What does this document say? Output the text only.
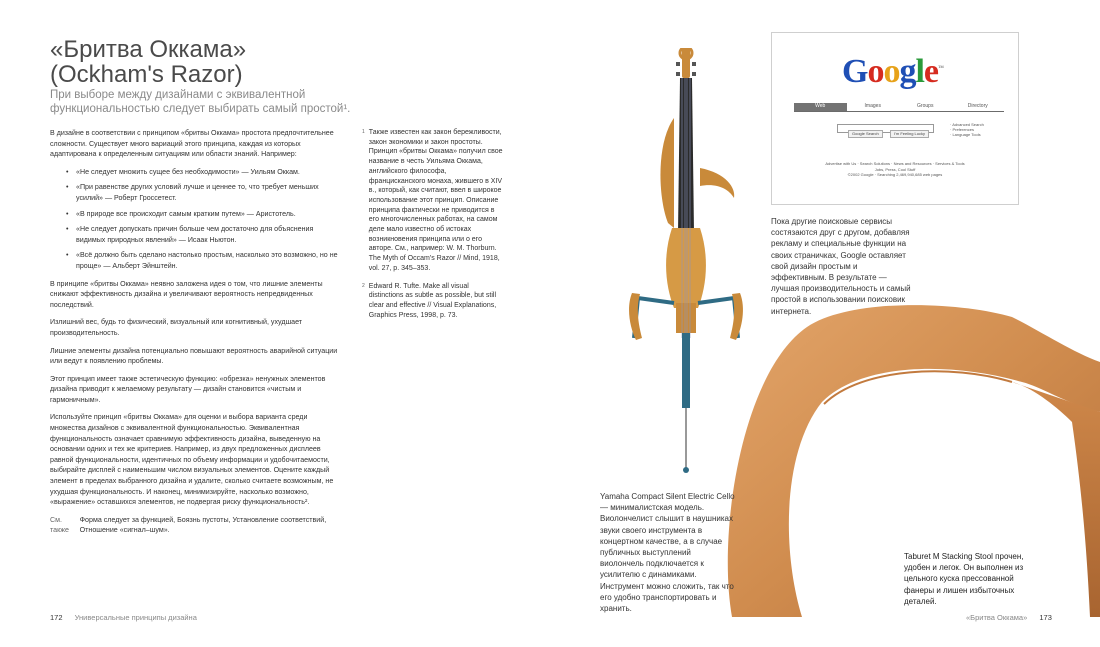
«Бритва Оккама»
(Ockham's Razor)

При выборе между дизайнами с эквивалентной функциональностью следует выбирать самый простой¹.

В дизайне в соответствии с принципом «бритвы Оккама» простота предпочтительнее сложности. Существует много вариаций этого принципа, каждая из которых адаптирована к определенным ситуациям или области знаний. Например:

• «Не следует множить сущее без необходимости» — Уильям Оккам.
• «При равенстве других условий лучше и ценнее то, что требует меньших усилий» — Роберт Гроссетест.
• «В природе все происходит самым кратким путем» — Аристотель.
• «Не следует допускать причин больше чем достаточно для объяснения видимых природных явлений» — Исаак Ньютон.
• «Всё должно быть сделано настолько простым, насколько это возможно, но не проще» — Альберт Эйнштейн.

В принципе «бритвы Оккама» неявно заложена идея о том, что лишние элементы снижают эффективность дизайна и увеличивают вероятность непредвиденных последствий.

Излишний вес, будь то физический, визуальный или когнитивный, ухудшает производительность.

Лишние элементы дизайна потенциально повышают вероятность аварийной ситуации или ведут к появлению проблемы.

Этот принцип имеет также эстетическую функцию: «обрезка» ненужных элементов дизайна приводит к желаемому результату — дизайн становится «чистым и гармоничным».

Используйте принцип «бритвы Оккама» для оценки и выбора варианта среди множества дизайнов с эквивалентной функциональностью. Эквивалентная функциональность означает сравнимую эффективность дизайна, выведенную на основании одних и тех же критериев. Например, из двух предложенных дисплеев равной функциональности, идентичных по объему информации и удобочитаемости, выбирайте дисплей с наименьшим числом визуальных элементов. Оцените каждый элемент в пределах выбранного дизайна и удалите, сколько считаете возможным, не ухудшая функциональность. И наконец, минимизируйте, насколько возможно, «выражение» оставшихся элементов, не подвергая риску функциональность².

См. также
Форма следует за функцией, Боязнь пустоты, Установление соответствий, Отношение «сигнал–шум».
1 Также известен как закон бережливости, закон экономики и закон простоты. Принцип «бритвы Оккама» получил свое название в честь Уильяма Оккама, английского философа, францисканского монаха, жившего в XIV в., который, как считают, ввел в широкое использование этот принцип. Описание принципа фактически не приводится в его многочисленных работах, на самом деле мало известно об истоках возникновения принципа или о его авторе. См., например: W. M. Thorburn. The Myth of Occam's Razor // Mind, 1918, vol. 27, p. 345–353.
2 Edward R. Tufte. Make all visual distinctions as subtle as possible, but still clear and effective // Visual Explanations, Graphics Press, 1998, p. 73.
172 Универсальные принципы дизайна
Google™
Web	Images	Groups	Directory
Google Search	I'm Feeling Lucky
· Advanced Search
· Preferences
· Language Tools
Advertise with Us · Search Solutions · News and Resources · Services & Tools
Jobs, Press, Cool Stuff
©2002 Google · Searching 2,469,940,685 web pages
Пока другие поисковые сервисы состязаются друг с другом, добавляя рекламу и специальные функции на своих страничках, Google оставляет свой дизайн простым и эффективным. В результате — лучшая производительность и самый простой в использовании поисковик интернета.
Yamaha Compact Silent Electric Cello — минималистская модель. Виолончелист слышит в наушниках звуки своего инструмента в концертном качестве, а в случае публичных выступлений виолончель подключается к усилителю с динамиками. Инструмент можно сложить, так что его удобно транспортировать и хранить.
Taburet M Stacking Stool прочен, удобен и легок. Он выполнен из цельного куска прессованной фанеры и лишен избыточных деталей.
«Бритва Оккама» 173
